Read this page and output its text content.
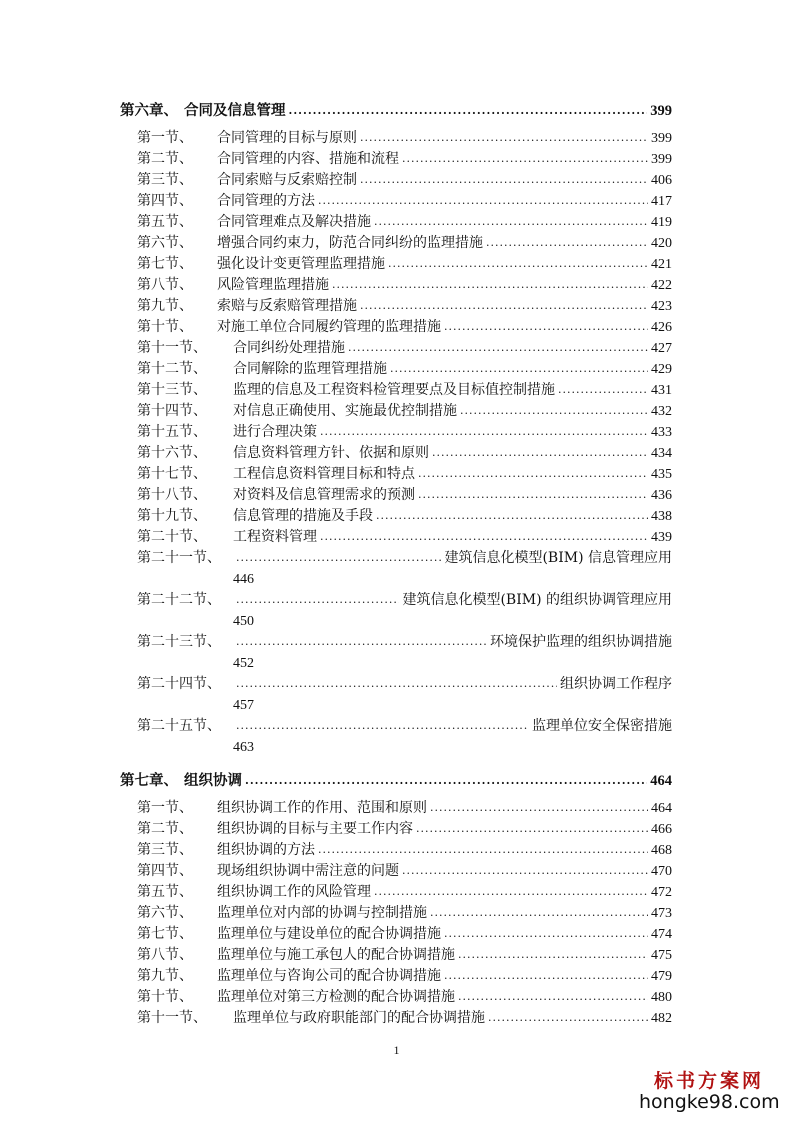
第六章、 合同及信息管理 .....	399
第一节、	合同管理的目标与原则 .....	399
第二节、	合同管理的内容、措施和流程 .....	399
第三节、	合同索赔与反索赔控制 .....	406
第四节、	合同管理的方法 .....	417
第五节、	合同管理难点及解决措施 .....	419
第六节、	增强合同约束力，防范合同纠纷的监理措施 .....	420
第七节、	强化设计变更管理监理措施 .....	421
第八节、	风险管理监理措施 .....	422
第九节、	索赔与反索赔管理措施 .....	423
第十节、	对施工单位合同履约管理的监理措施 .....	426
第十一节、	合同纠纷处理措施 .....	427
第十二节、	合同解除的监理管理措施 .....	429
第十三节、	监理的信息及工程资料检管理要点及目标值控制措施 .....	431
第十四节、	对信息正确使用、实施最优控制措施 .....	432
第十五节、	进行合理决策 .....	433
第十六节、	信息资料管理方针、依据和原则 .....	434
第十七节、	工程信息资料管理目标和特点 .....	435
第十八节、	对资料及信息管理需求的预测 .....	436
第十九节、	信息管理的措施及手段 .....	438
第二十节、	工程资料管理 .....	439
第二十一节、 .....	建筑信息化模型(BIM) 信息管理应用
446
第二十二节、 .....	建筑信息化模型(BIM) 的组织协调管理应用
450
第二十三节、 .....	环境保护监理的组织协调措施
452
第二十四节、 .....	组织协调工作程序
457
第二十五节、 .....	监理单位安全保密措施
463
第七章、 组织协调 .....	464
第一节、	组织协调工作的作用、范围和原则 .....	464
第二节、	组织协调的目标与主要工作内容 .....	466
第三节、	组织协调的方法 .....	468
第四节、	现场组织协调中需注意的问题 .....	470
第五节、	组织协调工作的风险管理 .....	472
第六节、	监理单位对内部的协调与控制措施 .....	473
第七节、	监理单位与建设单位的配合协调措施 .....	474
第八节、	监理单位与施工承包人的配合协调措施 .....	475
第九节、	监理单位与咨询公司的配合协调措施 .....	479
第十节、	监理单位对第三方检测的配合协调措施 .....	480
第十一节、	监理单位与政府职能部门的配合协调措施 .....	482
1
标书方案网
hongke98.com
